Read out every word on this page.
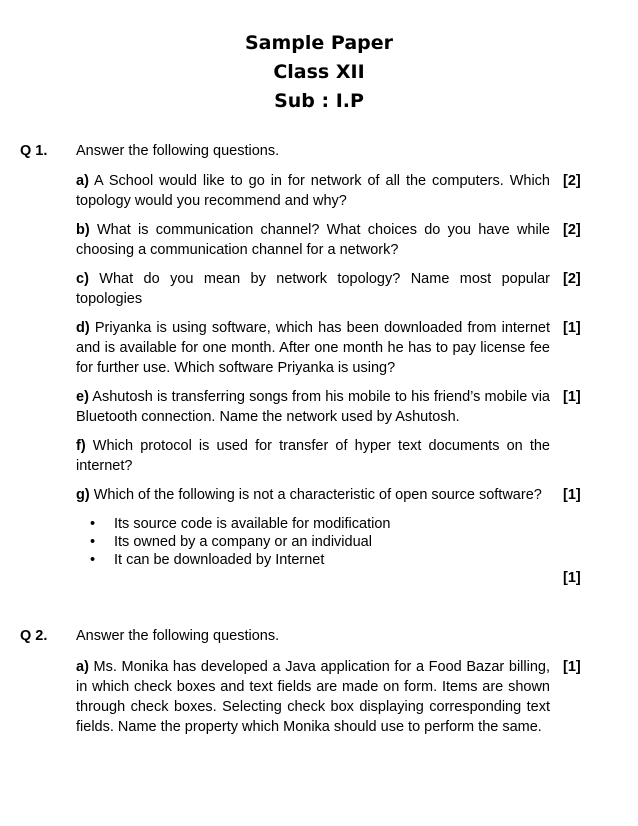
Sample Paper
Class XII
Sub : I.P
Q 1. Answer the following questions.
a) A School would like to go in for network of all the computers. Which topology would you recommend and why?
[2]
b) What is communication channel? What choices do you have while choosing a communication channel for a network?
[2]
c) What do you mean by network topology? Name most popular topologies
[2]
d) Priyanka is using software, which has been downloaded from internet and is available for one month. After one month he has to pay license fee for further use. Which software Priyanka is using?
[1]
e) Ashutosh is transferring songs from his mobile to his friend’s mobile via Bluetooth connection. Name the network used by Ashutosh.
[1]
f) Which protocol is used for transfer of hyper text documents on the internet?
g) Which of the following is not a characteristic of open source software?	[1]
• Its source code is available for modification
• Its owned by a company or an individual
• It can be downloaded by Internet
[1]
Q 2. Answer the following questions.
a) Ms. Monika has developed a Java application for a Food Bazar billing, in which check boxes and text fields are made on form. Items are shown through check boxes. Selecting check box displaying corresponding text fields. Name the property which Monika should use to perform the same.
[1]
